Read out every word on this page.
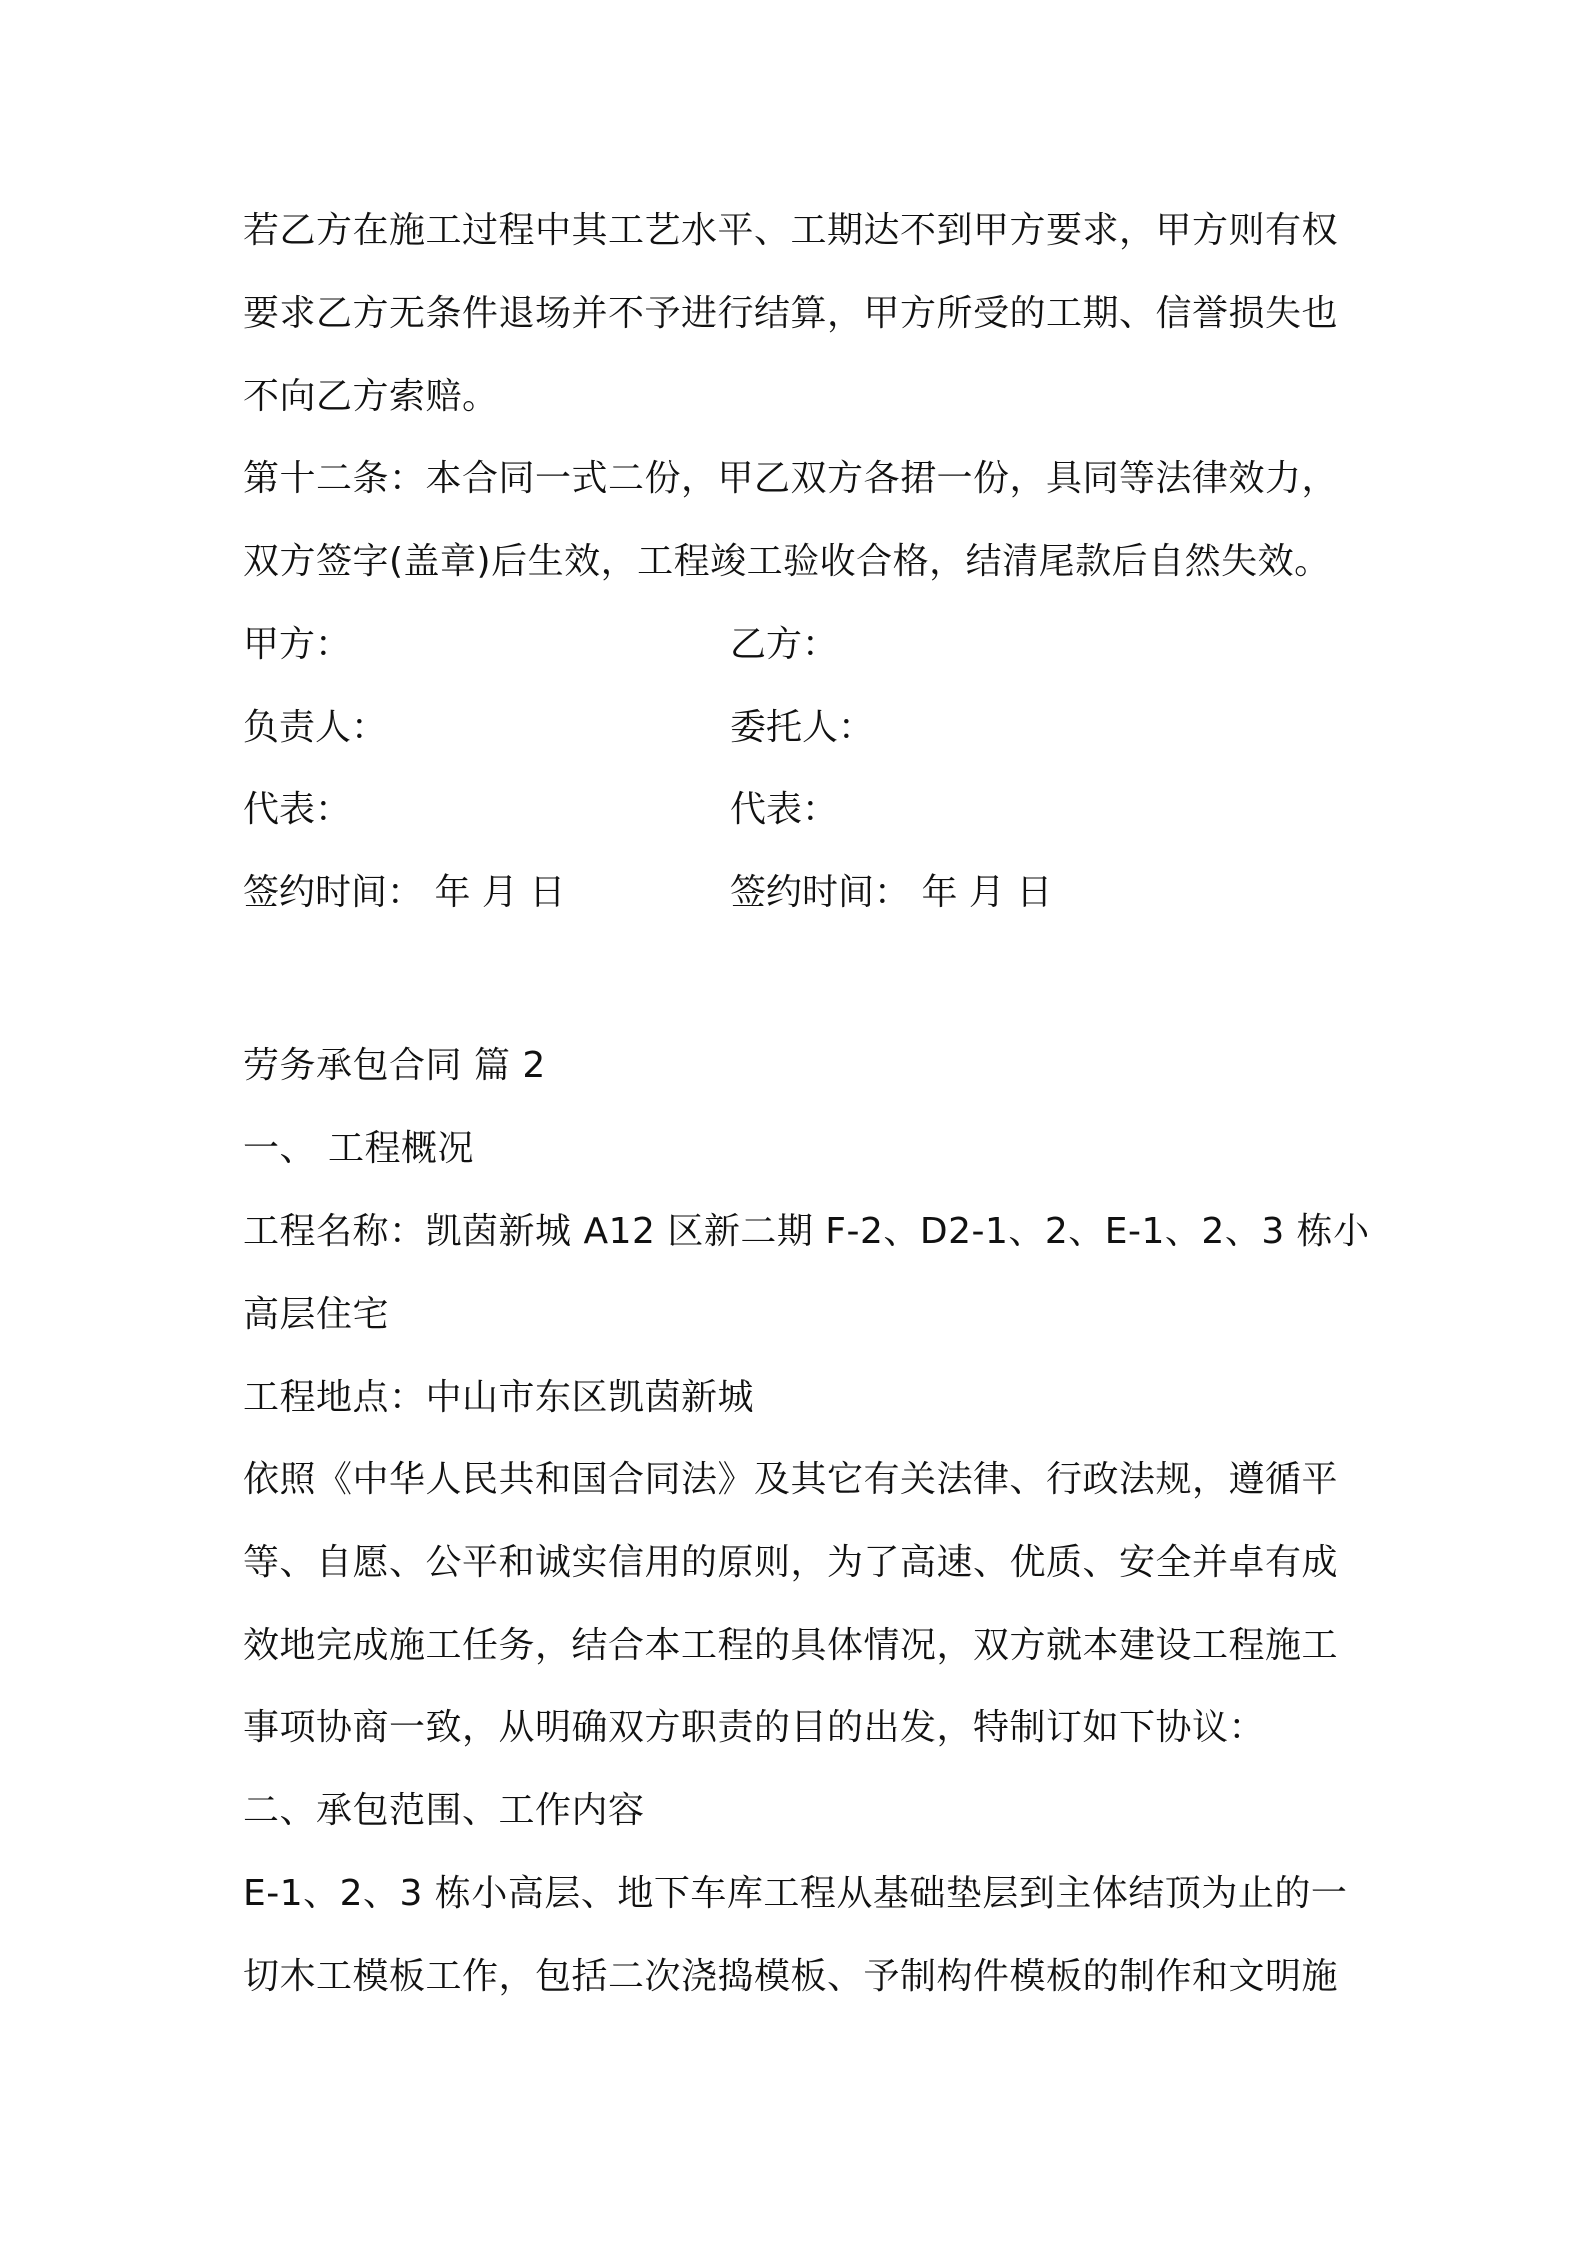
若乙方在施工过程中其工艺水平、工期达不到甲方要求，甲方则有权
要求乙方无条件退场并不予进行结算，甲方所受的工期、信誉损失也
不向乙方索赔。
第十二条：本合同一式二份，甲乙双方各捃一份，具同等法律效力，
双方签字(盖章)后生效，工程竣工验收合格，结清尾款后自然失效。
甲方：	乙方：
负责人：	委托人：
代表：	代表：
签约时间： 年 月 日	签约时间： 年 月 日
劳务承包合同 篇 2
一、 工程概况
工程名称：凯茵新城 A12 区新二期 F-2、D2-1、2、E-1、2、3 栋小
高层住宅
工程地点：中山市东区凯茵新城
依照《中华人民共和国合同法》及其它有关法律、行政法规，遵循平
等、自愿、公平和诚实信用的原则，为了高速、优质、安全并卓有成
效地完成施工任务，结合本工程的具体情况，双方就本建设工程施工
事项协商一致，从明确双方职责的目的出发，特制订如下协议：
二、承包范围、工作内容
E-1、2、3 栋小高层、地下车库工程从基础垫层到主体结顶为止的一
切木工模板工作，包括二次浇捣模板、予制构件模板的制作和文明施
